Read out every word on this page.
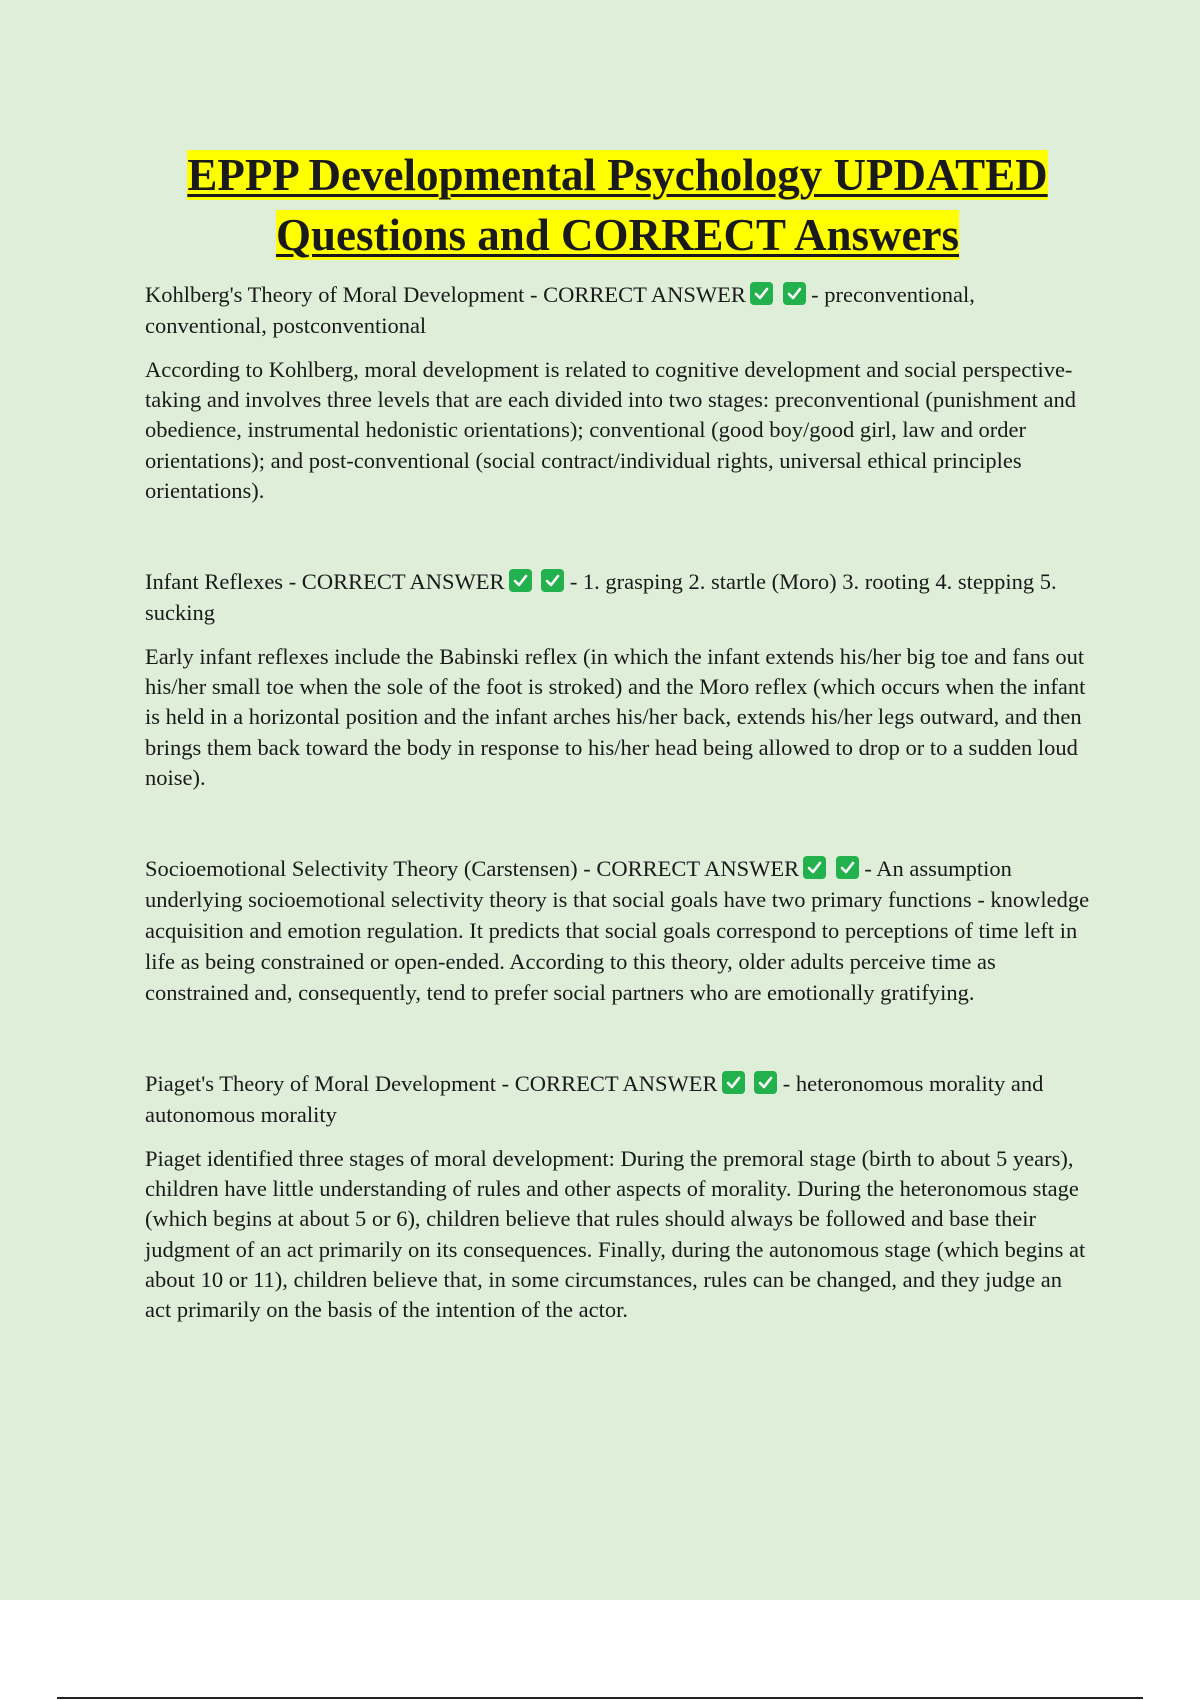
EPPP Developmental Psychology UPDATED
Questions and CORRECT Answers

Kohlberg's Theory of Moral Development - CORRECT ANSWER
	- preconventional, conventional, postconventional

According to Kohlberg, moral development is related to cognitive development and social perspective-taking and involves three levels that are each divided into two stages: preconventional (punishment and obedience, instrumental hedonistic orientations); conventional (good boy/good girl, law and order orientations); and post-conventional (social contract/individual rights, universal ethical principles orientations).

Infant Reflexes - CORRECT ANSWER
	- 1. grasping 2. startle (Moro) 3. rooting 4. stepping 5. sucking

Early infant reflexes include the Babinski reflex (in which the infant extends his/her big toe and fans out his/her small toe when the sole of the foot is stroked) and the Moro reflex (which occurs when the infant is held in a horizontal position and the infant arches his/her back, extends his/her legs outward, and then brings them back toward the body in response to his/her head being allowed to drop or to a sudden loud noise).

Socioemotional Selectivity Theory (Carstensen) - CORRECT ANSWER
	- An assumption underlying socioemotional selectivity theory is that social goals have two primary functions - knowledge acquisition and emotion regulation. It predicts that social goals correspond to perceptions of time left in life as being constrained or open-ended. According to this theory, older adults perceive time as constrained and, consequently, tend to prefer social partners who are emotionally gratifying.

Piaget's Theory of Moral Development - CORRECT ANSWER
	- heteronomous morality and autonomous morality

Piaget identified three stages of moral development: During the premoral stage (birth to about 5 years), children have little understanding of rules and other aspects of morality. During the heteronomous stage (which begins at about 5 or 6), children believe that rules should always be followed and base their judgment of an act primarily on its consequences. Finally, during the autonomous stage (which begins at about 10 or 11), children believe that, in some circumstances, rules can be changed, and they judge an act primarily on the basis of the intention of the actor.
